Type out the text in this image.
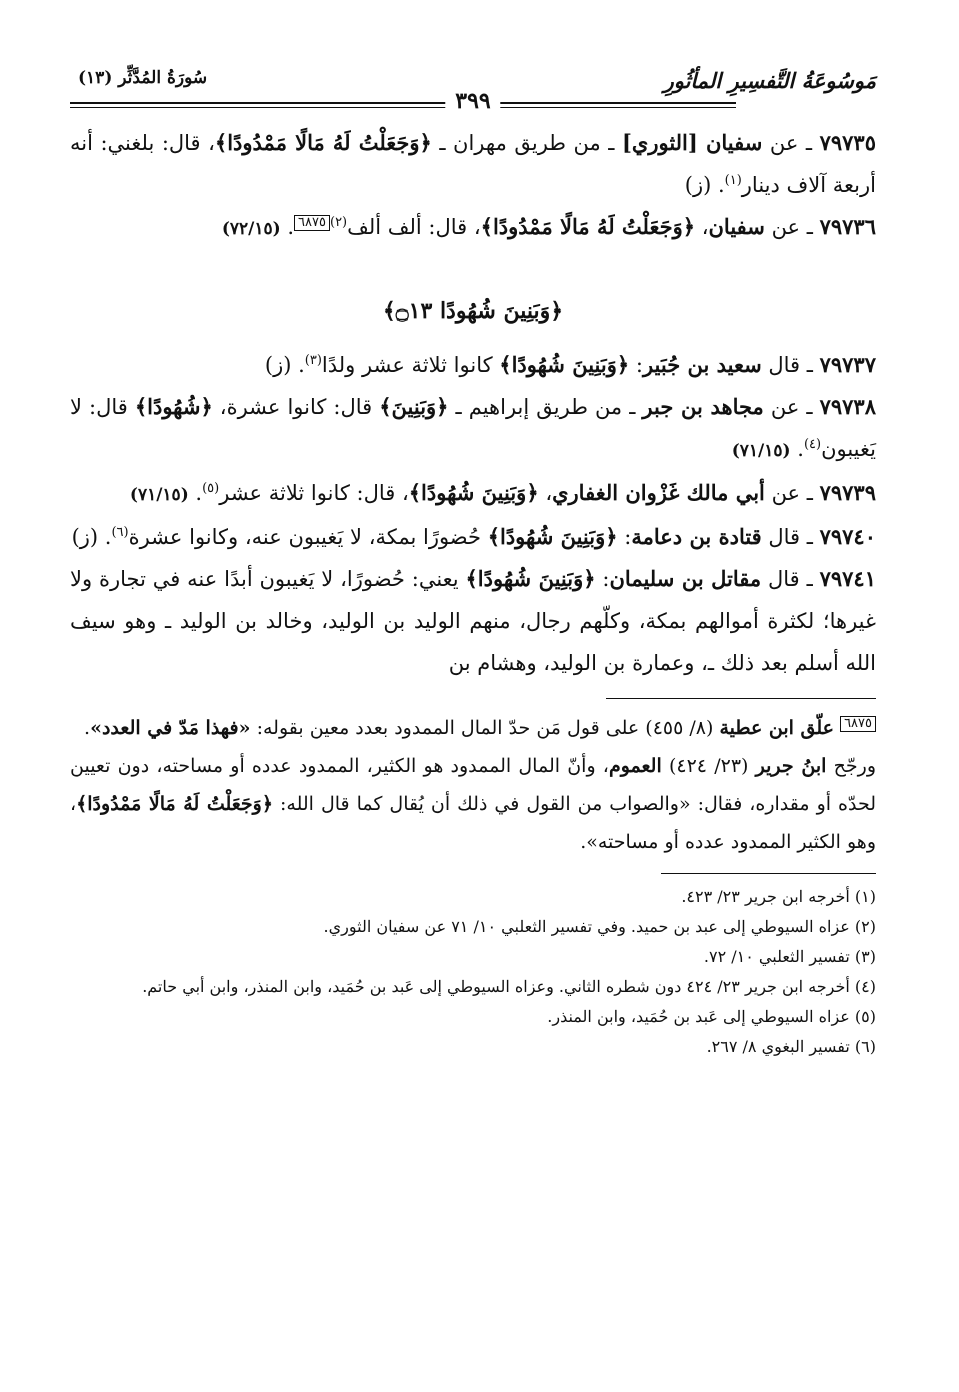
مَوسُوعَةُ التَّفسِيرِ المأثُورِ
٣٩٩
سُورَةُ المُدَّثِّر (١٣)

٧٩٧٣٥ ـ عن سفيان [الثوري] ـ من طريق مهران ـ ﴿وَجَعَلْتُ لَهُ مَالًا مَمْدُودًا﴾، قال: بلغني: أنه أربعة آلاف دينار$^{(١)}$. (ز)

٧٩٧٣٦ ـ عن سفيان، ﴿وَجَعَلْتُ لَهُ مَالًا مَمْدُودًا﴾، قال: ألف ألف$^{(٢)}$٦٨٧٥. (٧٢/١٥)

﴿وَبَنِينَ شُهُودًا ۝١٣﴾

٧٩٧٣٧ ـ قال سعيد بن جُبَير: ﴿وَبَنِينَ شُهُودًا﴾ كانوا ثلاثة عشر ولدًا$^{(٣)}$. (ز)

٧٩٧٣٨ ـ عن مجاهد بن جبر ـ من طريق إبراهيم ـ ﴿وَبَنِينَ﴾ قال: كانوا عشرة، ﴿شُهُودًا﴾ قال: لا يَغيبون$^{(٤)}$. (٧١/١٥)

٧٩٧٣٩ ـ عن أبي مالك غَزْوان الغفاري، ﴿وَبَنِينَ شُهُودًا﴾، قال: كانوا ثلاثة عشر$^{(٥)}$. (٧١/١٥)

٧٩٧٤٠ ـ قال قتادة بن دعامة: ﴿وَبَنِينَ شُهُودًا﴾ حُضورًا بمكة، لا يَغيبون عنه، وكانوا عشرة$^{(٦)}$. (ز)

٧٩٧٤١ ـ قال مقاتل بن سليمان: ﴿وَبَنِينَ شُهُودًا﴾ يعني: حُضورًا، لا يَغيبون أبدًا عنه في تجارة ولا غيرها؛ لكثرة أموالهم بمكة، وكلّهم رجال، منهم الوليد بن الوليد، وخالد بن الوليد ـ وهو سيف الله أسلم بعد ذلك ـ، وعمارة بن الوليد، وهشام بن

٦٨٧٥ علّق ابن عطية (٨/ ٤٥٥) على قول مَن حدّ المال الممدود بعدد معين بقوله: «فهذا مَدّ في العدد».

ورجّح ابنُ جرير (٢٣/ ٤٢٤) العموم، وأنّ المال الممدود هو الكثير، الممدود عدده أو مساحته، دون تعيين لحدّه أو مقداره، فقال: «والصواب من القول في ذلك أن يُقال كما قال الله: ﴿وَجَعَلْتُ لَهُ مَالًا مَمْدُودًا﴾، وهو الكثير الممدود عدده أو مساحته».

(١) أخرجه ابن جرير ٢٣/ ٤٢٣.

(٢) عزاه السيوطي إلى عبد بن حميد. وفي تفسير الثعلبي ١٠/ ٧١ عن سفيان الثوري.

(٣) تفسير الثعلبي ١٠/ ٧٢.

(٤) أخرجه ابن جرير ٢٣/ ٤٢٤ دون شطره الثاني. وعزاه السيوطي إلى عَبد بن حُمَيد، وابن المنذر، وابن أبي حاتم.

(٥) عزاه السيوطي إلى عَبد بن حُمَيد، وابن المنذر.

(٦) تفسير البغوي ٨/ ٢٦٧.
